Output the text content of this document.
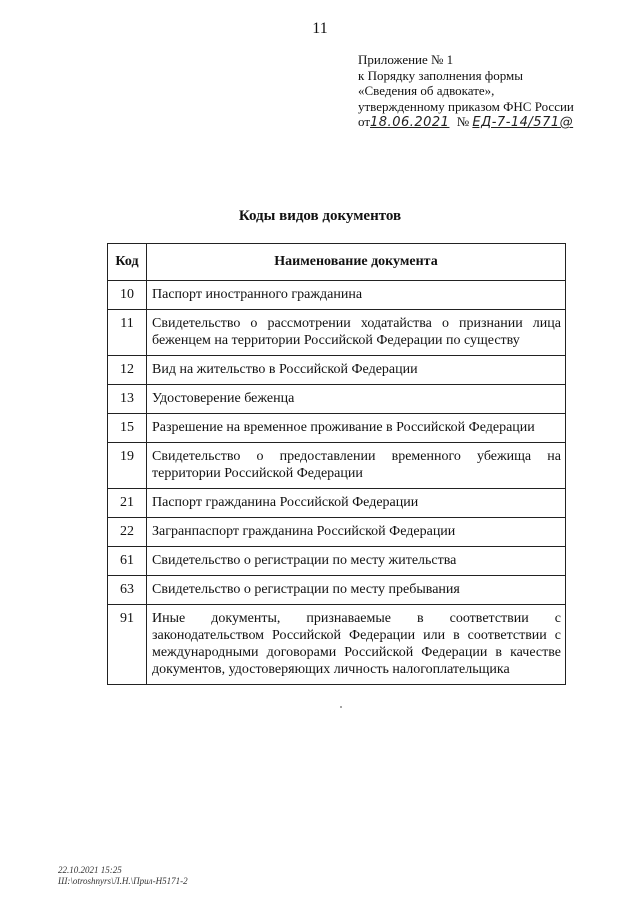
11
Приложение № 1
к Порядку заполнения формы
«Сведения об адвокате»,
утвержденному приказом ФНС России
от18.06.2021 № ЕД-7-14/571@
Коды видов документов
Код	Наименование документа
10	Паспорт иностранного гражданина
11	Свидетельство о рассмотрении ходатайства о признании лица беженцем на территории Российской Федерации по существу
12	Вид на жительство в Российской Федерации
13	Удостоверение беженца
15	Разрешение на временное проживание в Российской Федерации
19	Свидетельство о предоставлении временного убежища на территории Российской Федерации
21	Паспорт гражданина Российской Федерации
22	Загранпаспорт гражданина Российской Федерации
61	Свидетельство о регистрации по месту жительства
63	Свидетельство о регистрации по месту пребывания
91	Иные документы, признаваемые в соответствии с законодательством Российской Федерации или в соответствии с международными договорами Российской Федерации в качестве документов, удостоверяющих личность налогоплательщика
22.10.2021 15:25
Ш:\otroshnyrs\Л.Н.\Прил-Н5171-2
